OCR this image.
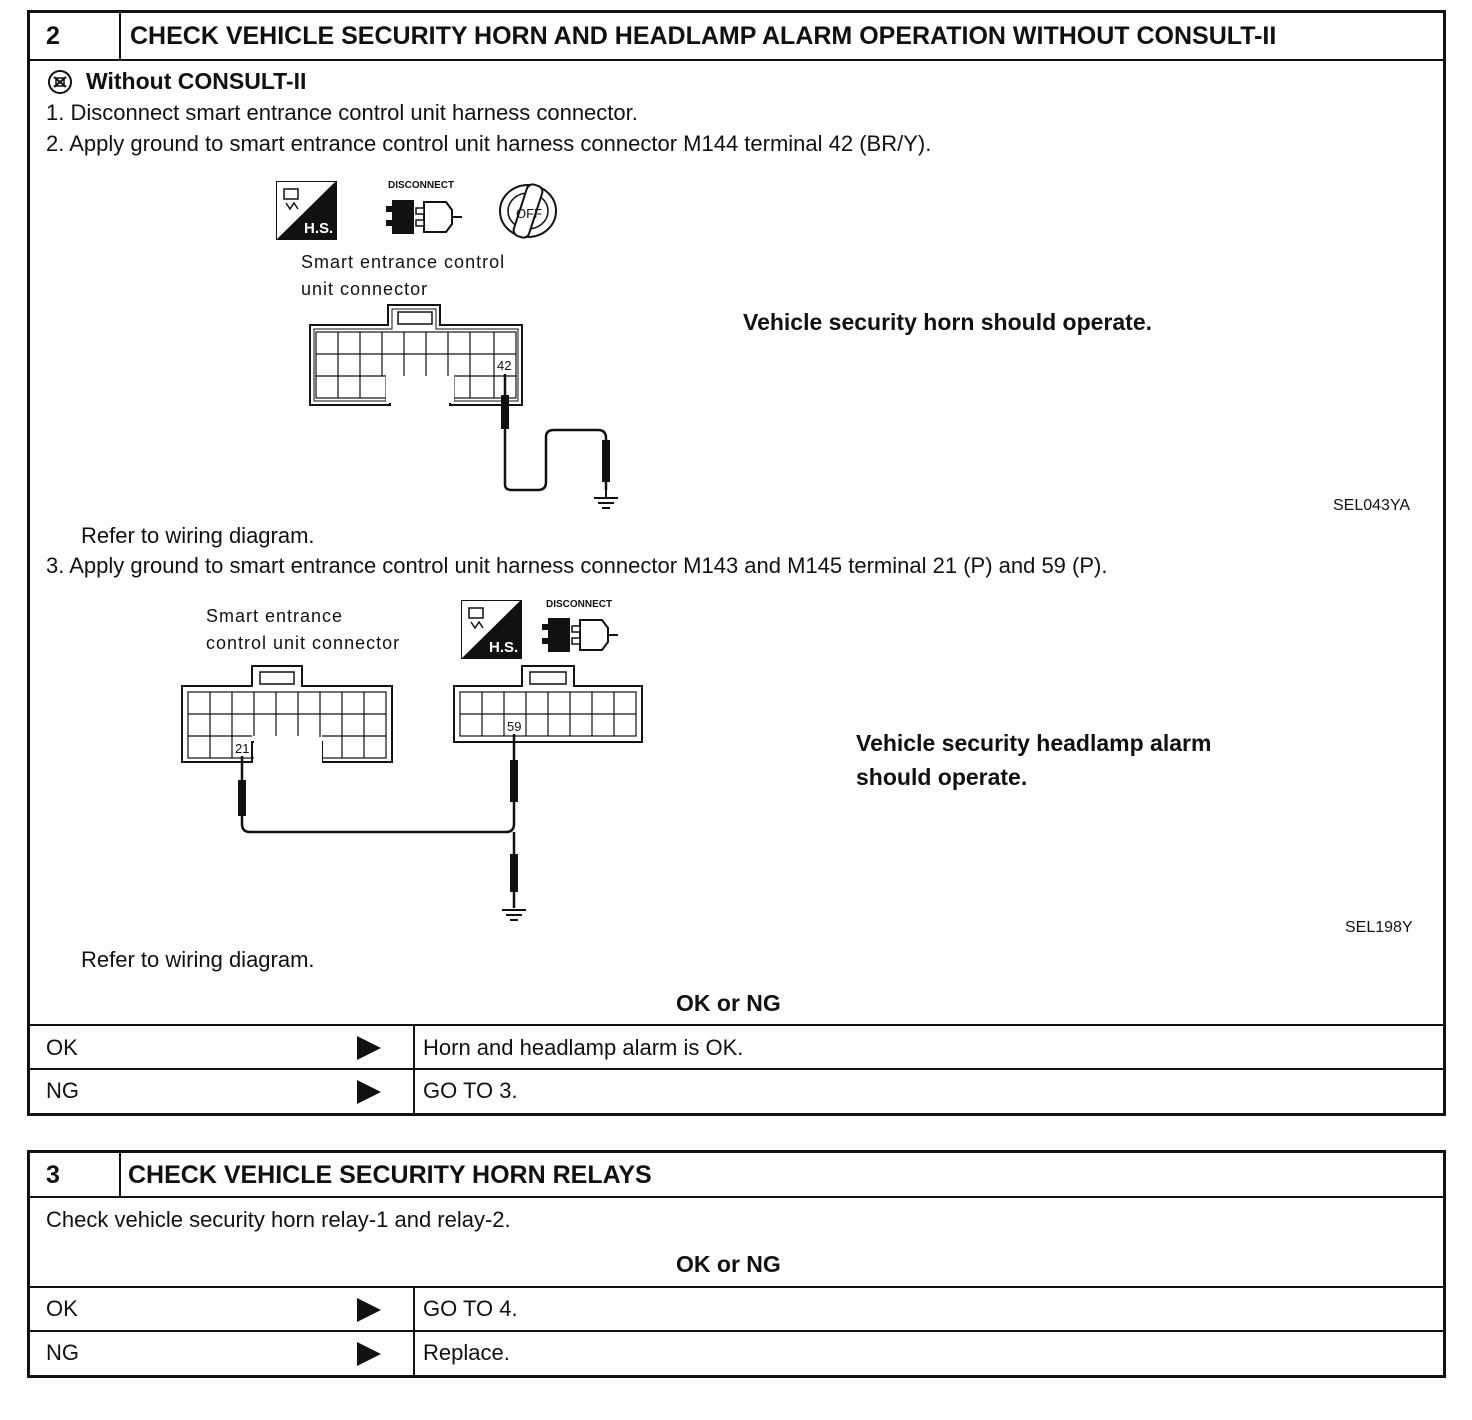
2	CHECK VEHICLE SECURITY HORN AND HEADLAMP ALARM OPERATION WITHOUT CONSULT-II
Without CONSULT-II
1. Disconnect smart entrance control unit harness connector.
2. Apply ground to smart entrance control unit harness connector M144 terminal 42 (BR/Y).
H.S.
DISCONNECT
OFF
Smart entrance control
unit connector
42
Vehicle security horn should operate.
SEL043YA
Refer to wiring diagram.
3. Apply ground to smart entrance control unit harness connector M143 and M145 terminal 21 (P) and 59 (P).
Smart entrance
control unit connector	H.S.
DISCONNECT
21
59
Vehicle security headlamp alarm
should operate.
SEL198Y
Refer to wiring diagram.
OK or NG
OK	Horn and headlamp alarm is OK.
NG	GO TO 3.
3	CHECK VEHICLE SECURITY HORN RELAYS
Check vehicle security horn relay-1 and relay-2.
OK or NG
OK	GO TO 4.
NG	Replace.
